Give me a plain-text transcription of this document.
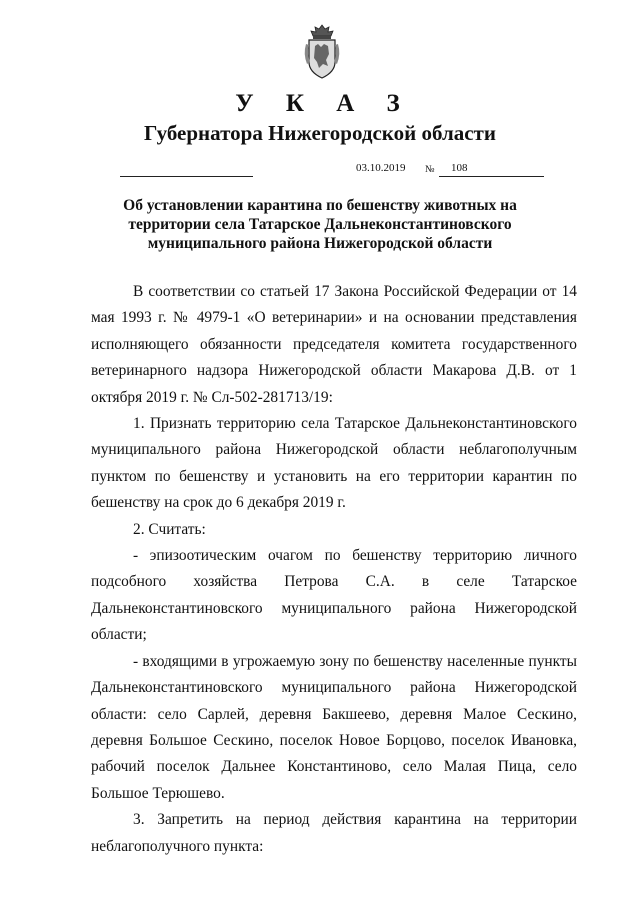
У К А З
Губернатора Нижегородской области
03.10.2019 № 108
Об установлении карантина по бешенству животных на
территории села Татарское Дальнеконстантиновского
муниципального района Нижегородской области

В соответствии со статьей 17 Закона Российской Федерации от 14 мая 1993 г. № 4979-1 «О ветеринарии» и на основании представления исполняющего обязанности председателя комитета государственного ветеринарного надзора Нижегородской области Макарова Д.В. от 1 октября 2019 г. № Сл-502-281713/19:

1. Признать территорию села Татарское Дальнеконстантиновского муниципального района Нижегородской области неблагополучным пунктом по бешенству и установить на его территории карантин по бешенству на срок до 6 декабря 2019 г.

2. Считать:

- эпизоотическим очагом по бешенству территорию личного подсобного хозяйства Петрова С.А. в селе Татарское Дальнеконстантиновского муниципального района Нижегородской области;

- входящими в угрожаемую зону по бешенству населенные пункты Дальнеконстантиновского муниципального района Нижегородской области: село Сарлей, деревня Бакшеево, деревня Малое Сескино, деревня Большое Сескино, поселок Новое Борцово, поселок Ивановка, рабочий поселок Дальнее Константиново, село Малая Пица, село Большое Терюшево.

3. Запретить на период действия карантина на территории неблагополучного пункта:
